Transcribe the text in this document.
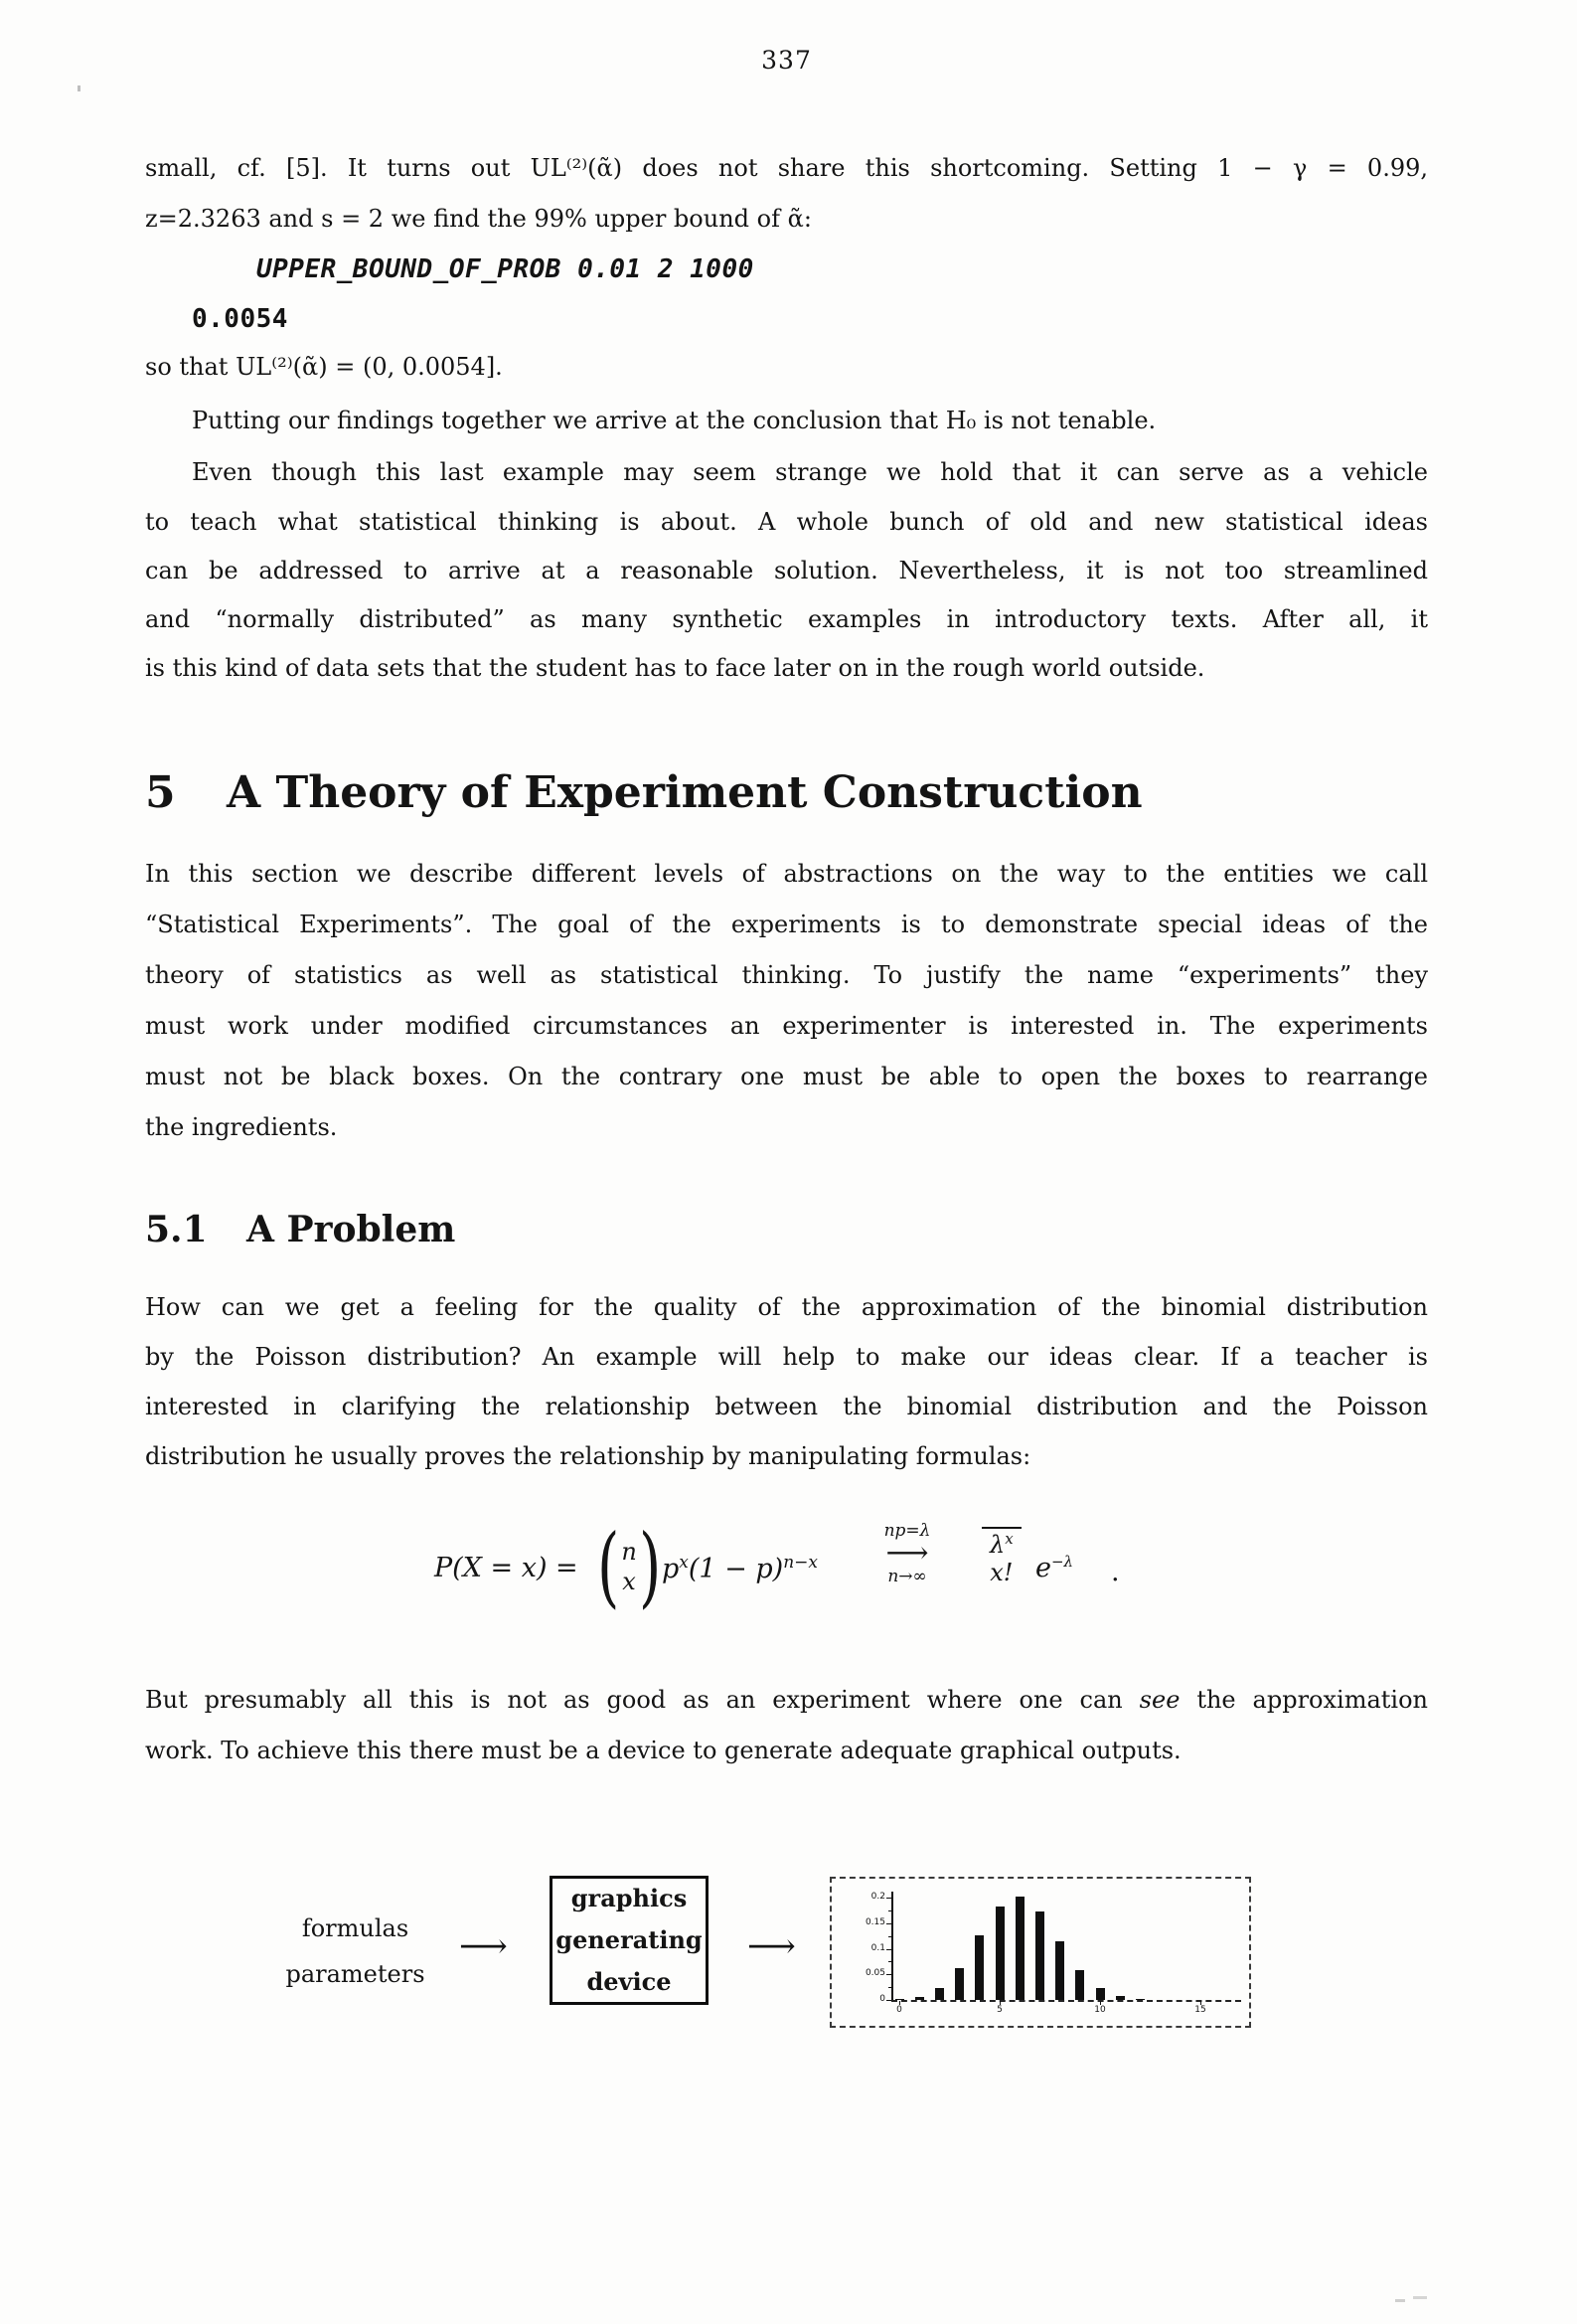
337
small, cf. [5]. It turns out UL⁽²⁾(ᾶ) does not share this shortcoming. Setting 1 − γ = 0.99,
z=2.3263 and s = 2 we find the 99% upper bound of ᾶ:
UPPER_BOUND_OF_PROB 0.01 2 1000
0.0054
so that UL⁽²⁾(ᾶ) = (0, 0.0054].
Putting our findings together we arrive at the conclusion that H₀ is not tenable.
Even though this last example may seem strange we hold that it can serve as a vehicle
to teach what statistical thinking is about. A whole bunch of old and new statistical ideas
can be addressed to arrive at a reasonable solution. Nevertheless, it is not too streamlined
and “normally distributed” as many synthetic examples in introductory texts. After all, it
is this kind of data sets that the student has to face later on in the rough world outside.
5 A Theory of Experiment Construction
In this section we describe different levels of abstractions on the way to the entities we call
“Statistical Experiments”. The goal of the experiments is to demonstrate special ideas of the
theory of statistics as well as statistical thinking. To justify the name “experiments” they
must work under modified circumstances an experimenter is interested in. The experiments
must not be black boxes. On the contrary one must be able to open the boxes to rearrange
the ingredients.
5.1 A Problem
How can we get a feeling for the quality of the approximation of the binomial distribution
by the Poisson distribution? An example will help to make our ideas clear. If a teacher is
interested in clarifying the relationship between the binomial distribution and the Poisson
distribution he usually proves the relationship by manipulating formulas:
P(X = x) = ( n
x ) $p^x(1 - p)^{n-x}$
np=λ
⟶
n→∞
$\lambda^x$
x! $e^{-\lambda}$ .
But presumably all this is not as good as an experiment where one can see the approximation
work. To achieve this there must be a device to generate adequate graphical outputs.
formulas
parameters
⟶
graphics
generating
device
⟶
0
0.05
0.1
0.15
0.2
0	5	10	15
